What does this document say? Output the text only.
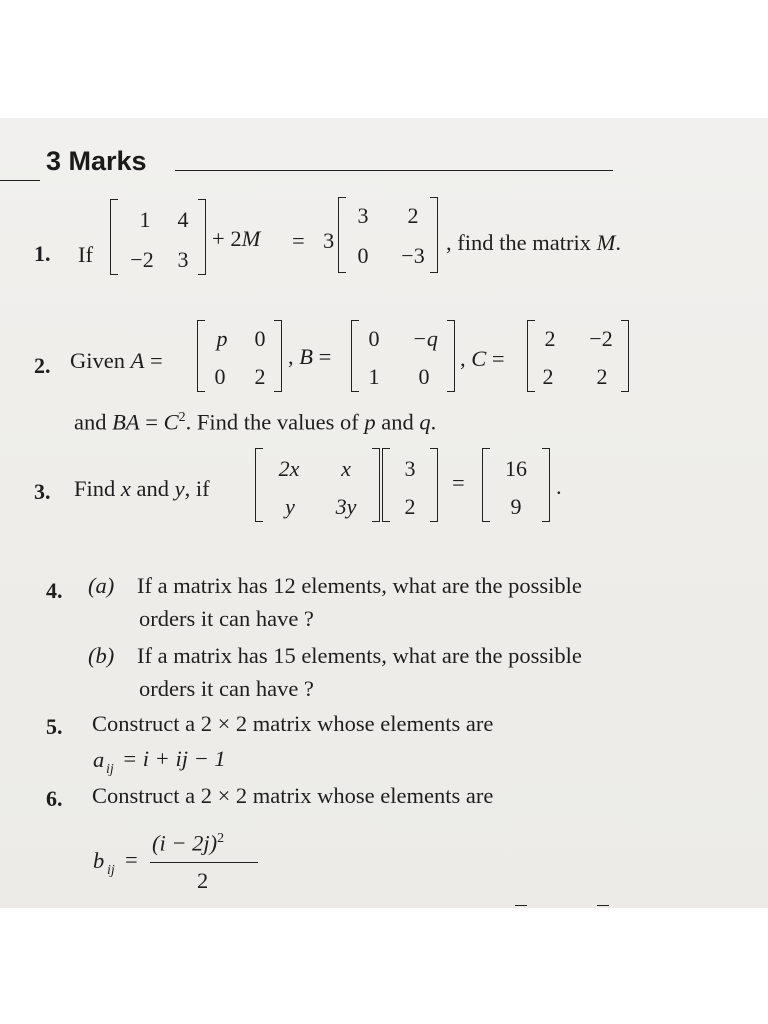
3 Marks
1. If
1	4
−2	3
+ 2M = 3
3	2
0	−3
, find the matrix M.
2. Given A =
p	0
0	2
, B =
0	−q
1	0
, C =
2	−2
2	2
and BA = $C^2$. Find the values of p and q.
3. Find x and y, if
2x	x
y	3y
3
2
=
16
9
.
4. (a) If a matrix has 12 elements, what are the possible
orders it can have ?
(b) If a matrix has 15 elements, what are the possible
orders it can have ?
5. Construct a 2 × 2 matrix whose elements are
a ij = i + ij − 1
6. Construct a 2 × 2 matrix whose elements are
b ij =
$(i - 2j)^2$
2
